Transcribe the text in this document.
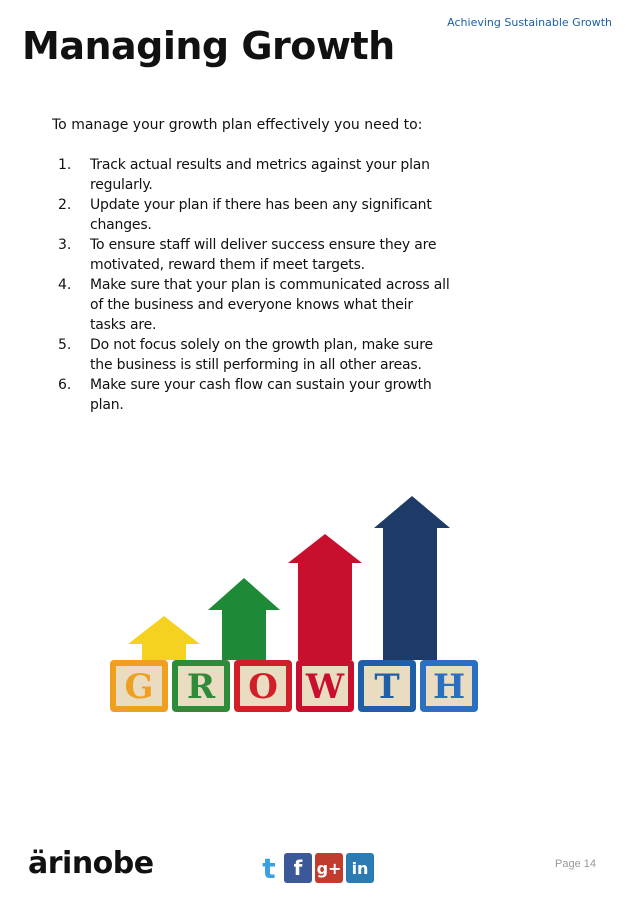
Achieving Sustainable Growth
Managing Growth
To manage your growth plan effectively you need to:
1.	Track actual results and metrics against your plan regularly.
2.	Update your plan if there has been any significant changes.
3.	To ensure staff will deliver success ensure they are motivated, reward them if meet targets.
4.	Make sure that your plan is communicated across all of the business and everyone knows what their tasks are.
5.	Do not focus solely on the growth plan, make sure the business is still performing in all other areas.
6.	Make sure your cash flow can sustain your growth plan.
G R O W T H
ärinobe	t f g+ in	Page 14
